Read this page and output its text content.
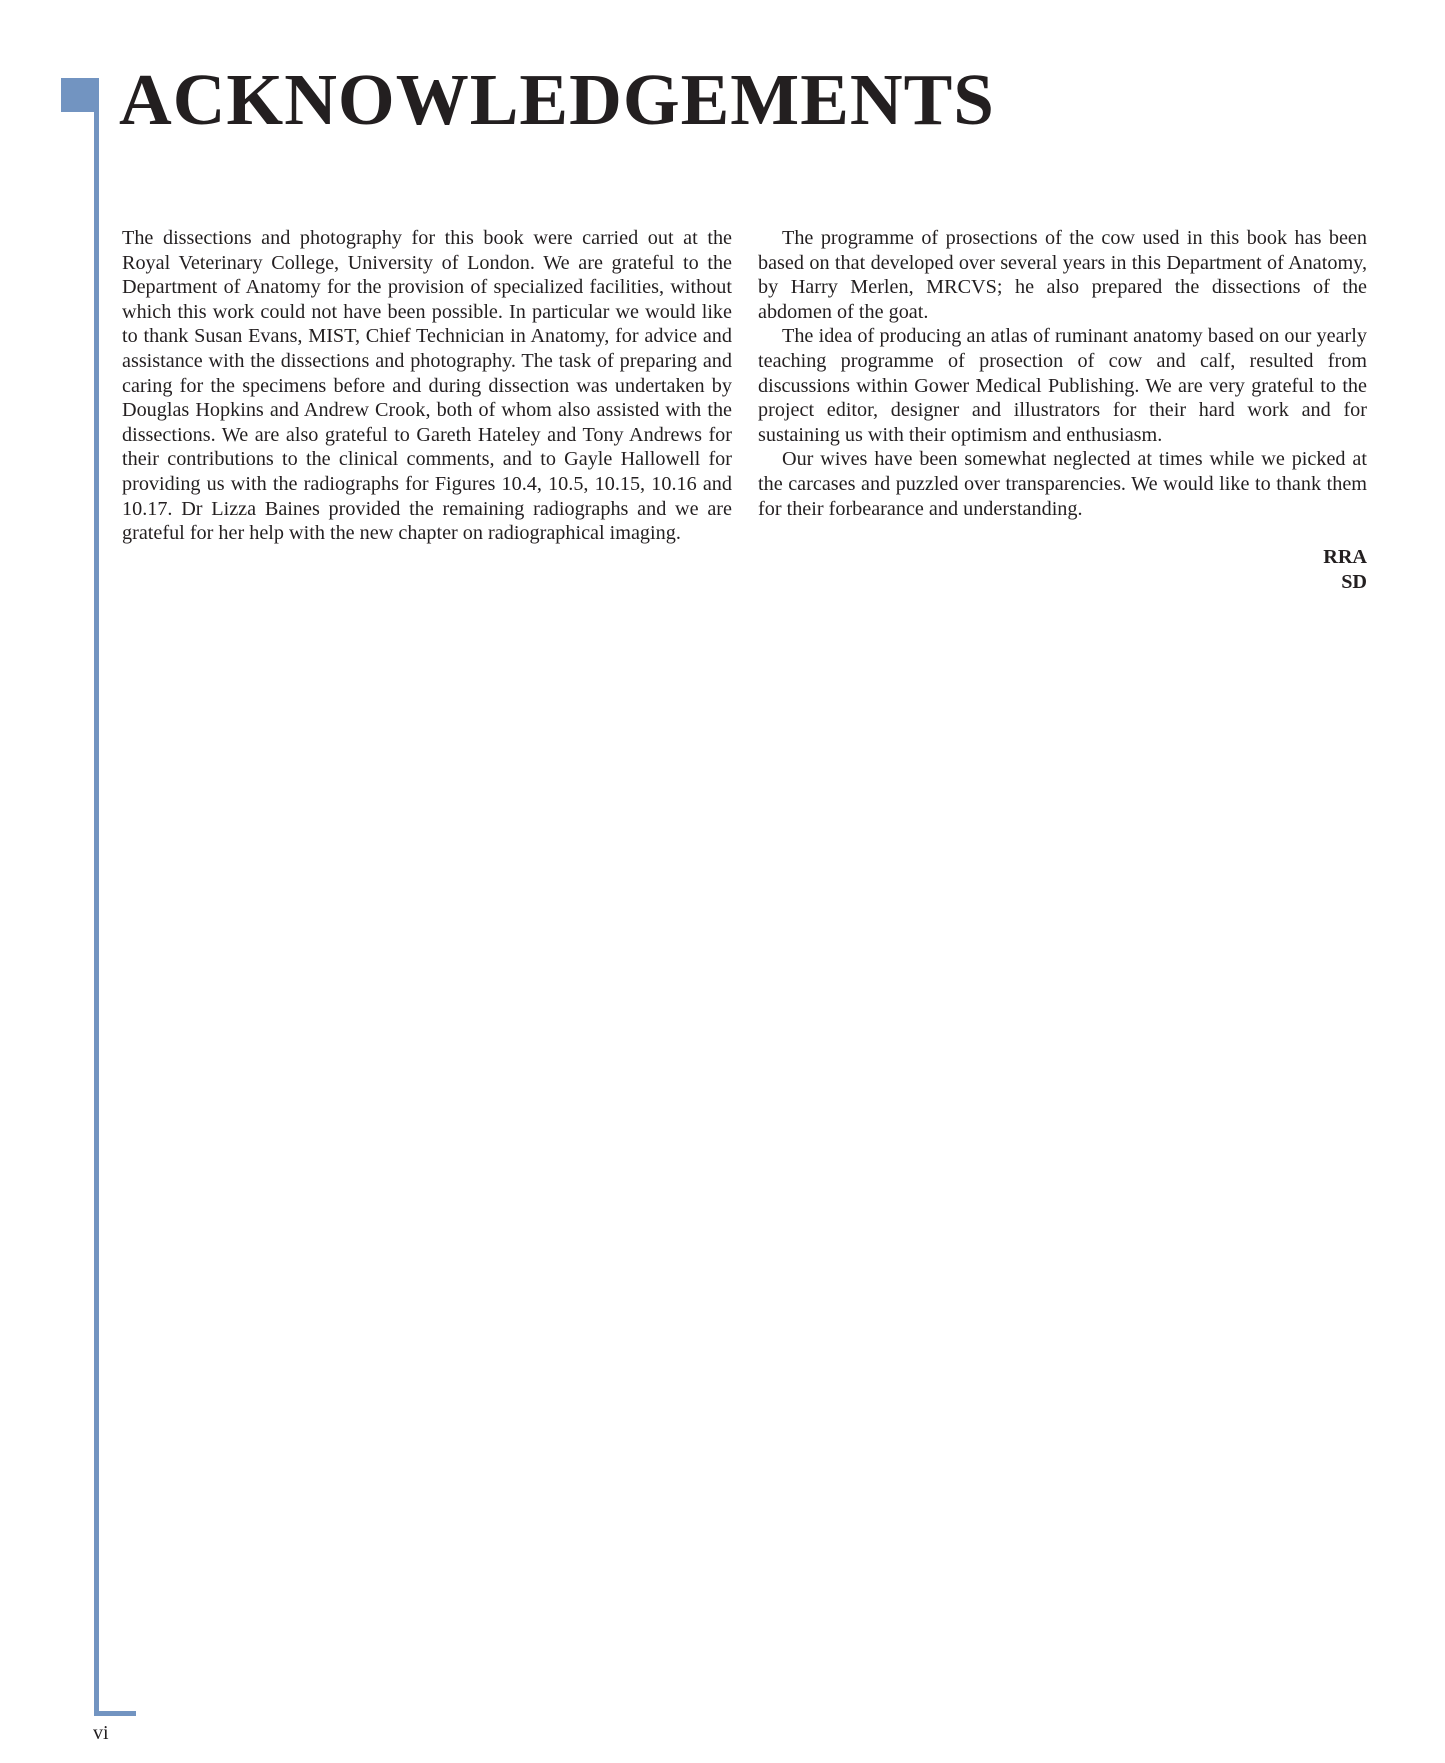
ACKNOWLEDGEMENTS

The dissections and photography for this book were carried out at the Royal Veterinary College, University of London. We are grateful to the Department of Anatomy for the provision of specialized facilities, without which this work could not have been possible. In particular we would like to thank Susan Evans, MIST, Chief Technician in Anatomy, for advice and assistance with the dissections and photography. The task of preparing and caring for the specimens before and during dissection was undertaken by Douglas Hopkins and Andrew Crook, both of whom also assisted with the dissections. We are also grateful to Gareth Hateley and Tony Andrews for their contributions to the clinical comments, and to Gayle Hallowell for providing us with the radiographs for Figures 10.4, 10.5, 10.15, 10.16 and 10.17. Dr Lizza Baines provided the remaining radiographs and we are grateful for her help with the new chapter on radiographical imaging.

The programme of prosections of the cow used in this book has been based on that developed over several years in this Department of Anatomy, by Harry Merlen, MRCVS; he also prepared the dissections of the abdomen of the goat.

The idea of producing an atlas of ruminant anatomy based on our yearly teaching programme of prosection of cow and calf, resulted from discussions within Gower Medical Publishing. We are very grateful to the project editor, designer and illustrators for their hard work and for sustaining us with their optimism and enthusiasm.

Our wives have been somewhat neglected at times while we picked at the carcases and puzzled over transparencies. We would like to thank them for their forbearance and understanding.

RRA
SD
vi
